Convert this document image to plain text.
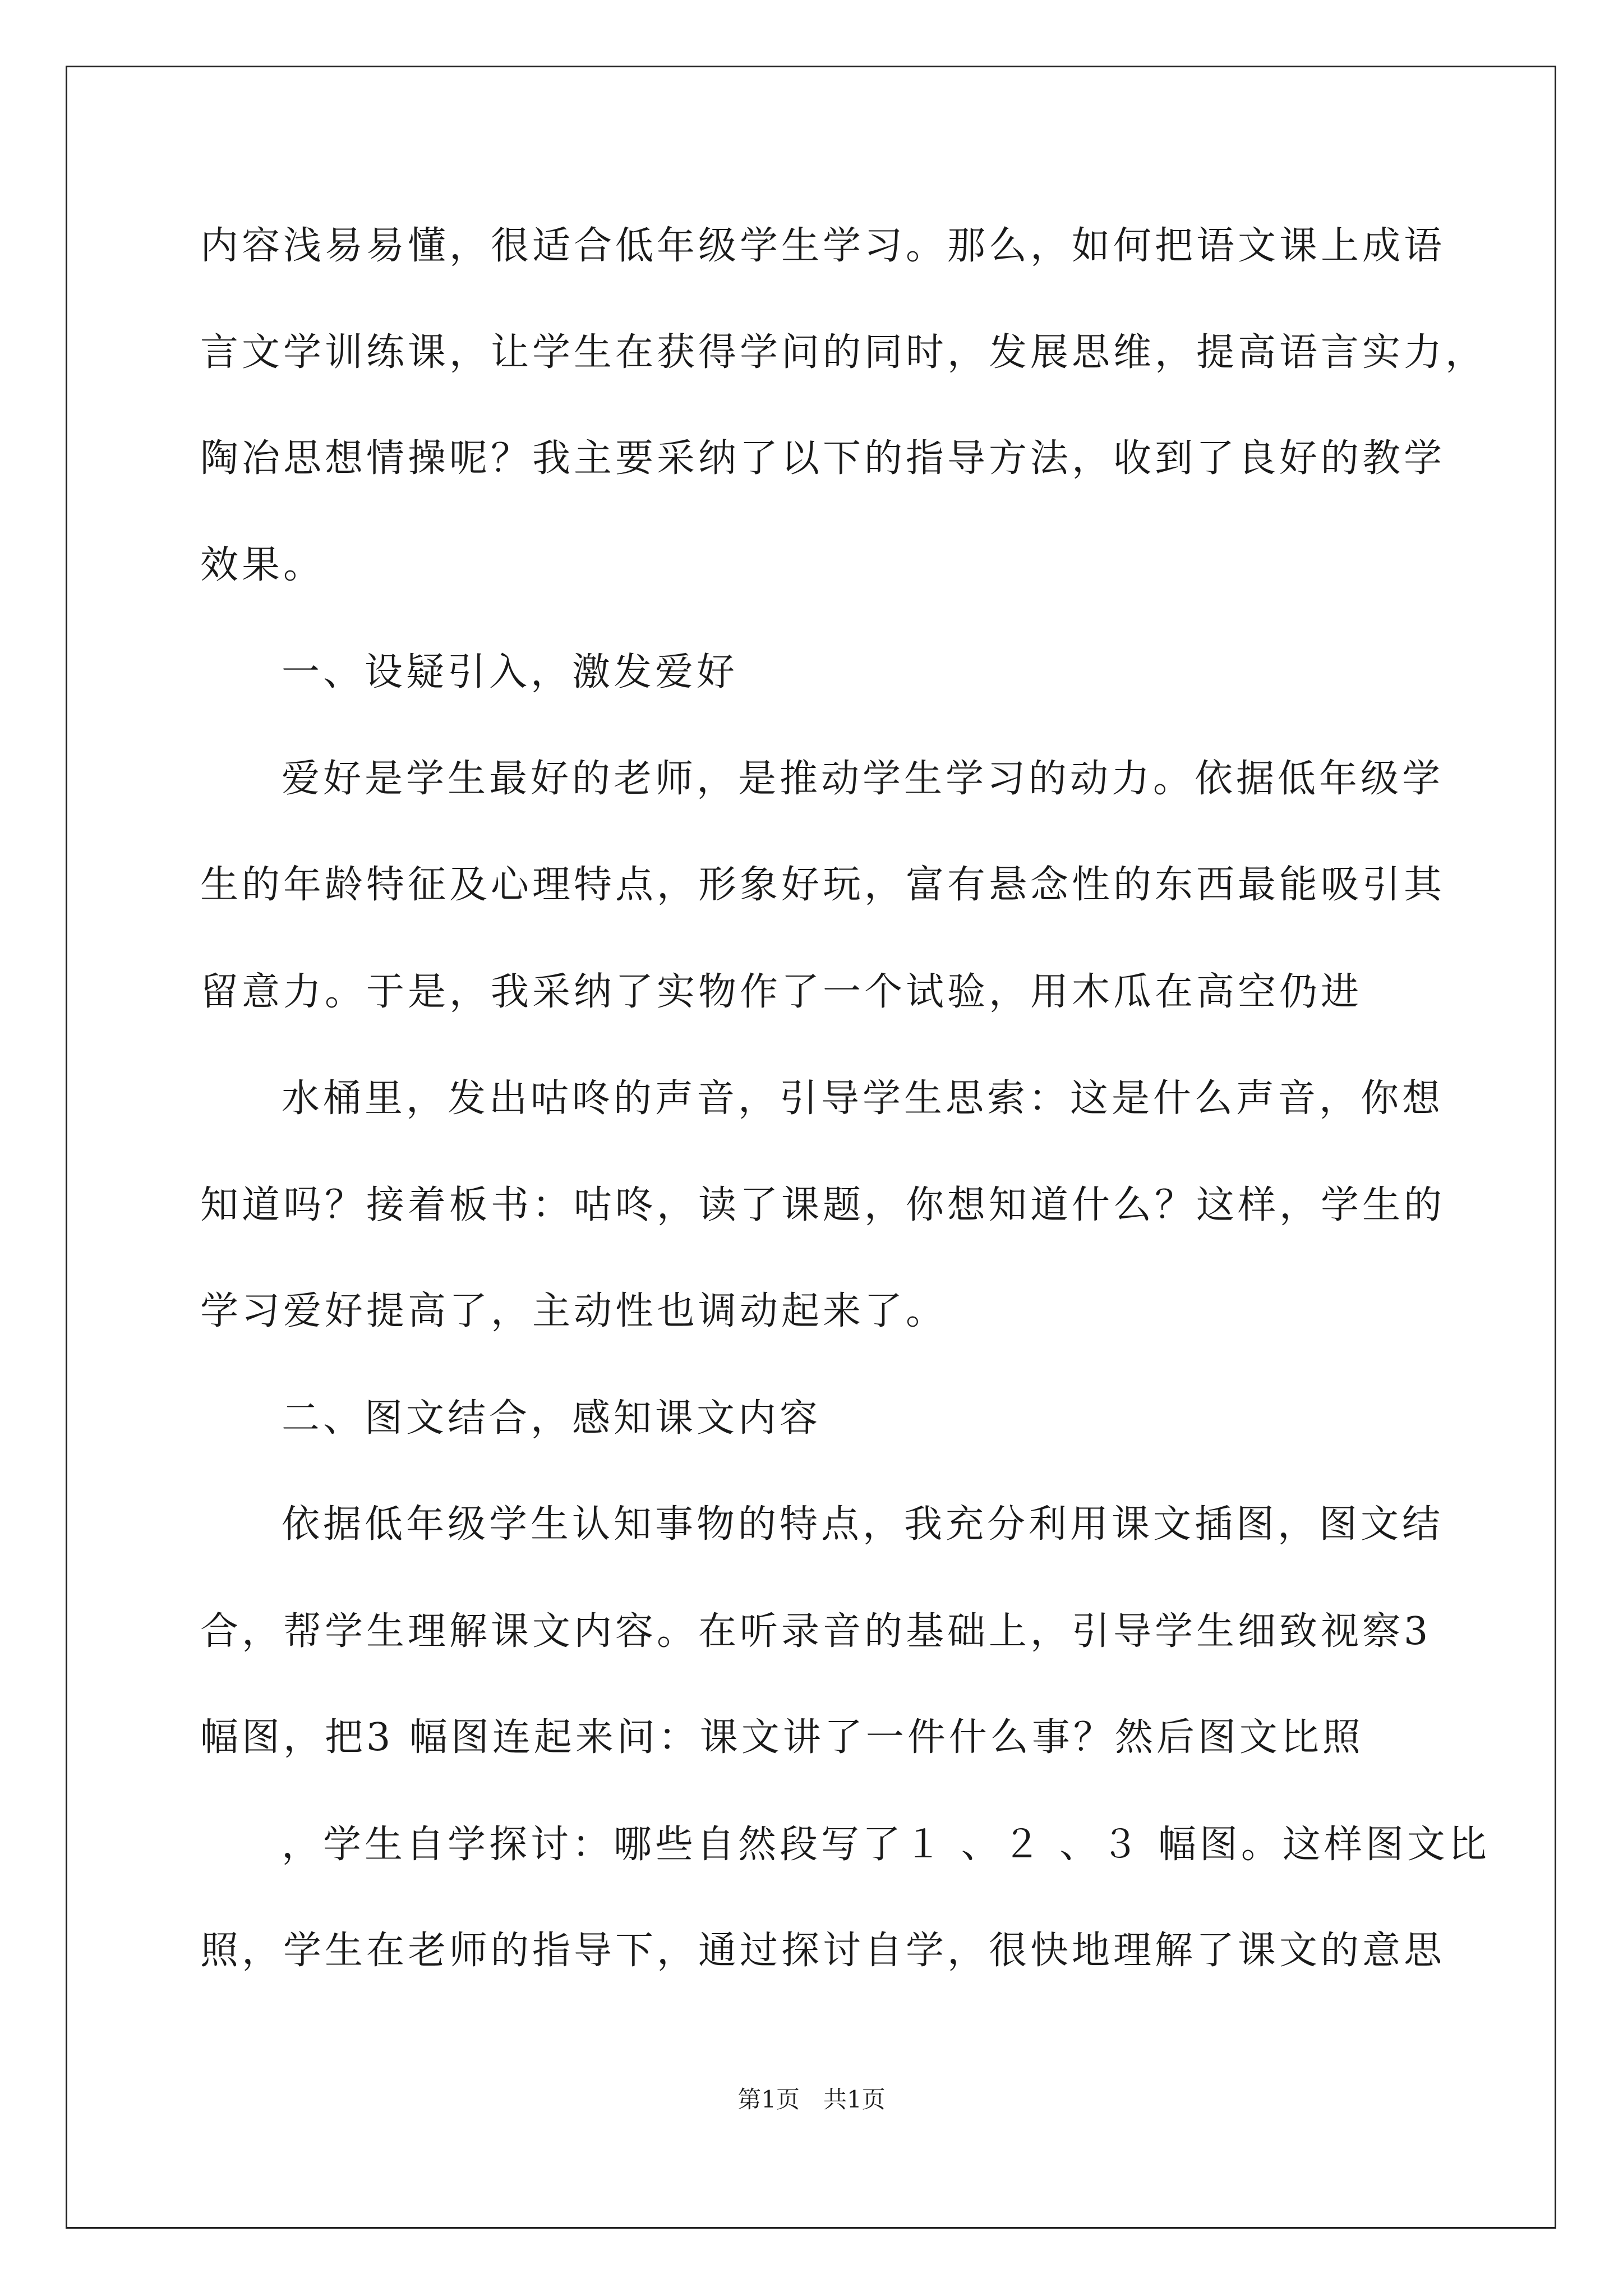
内容浅易易懂，很适合低年级学生学习。那么，如何把语文课上成语
言文学训练课，让学生在获得学问的同时，发展思维，提高语言实力，
陶冶思想情操呢？我主要采纳了以下的指导方法，收到了良好的教学
效果。
一、设疑引入，激发爱好
爱好是学生最好的老师，是推动学生学习的动力。依据低年级学
生的年龄特征及心理特点，形象好玩，富有悬念性的东西最能吸引其
留意力。于是，我采纳了实物作了一个试验，用木瓜在高空仍进
水桶里，发出咕咚的声音，引导学生思索：这是什么声音，你想
知道吗？接着板书：咕咚，读了课题，你想知道什么？这样，学生的
学习爱好提高了，主动性也调动起来了。
二、图文结合，感知课文内容
依据低年级学生认知事物的特点，我充分利用课文插图，图文结
合，帮学生理解课文内容。在听录音的基础上，引导学生细致视察3
幅图，把3 幅图连起来问：课文讲了一件什么事？然后图文比照
，学生自学探讨：哪些自然段写了１ 、２ 、３ 幅图。这样图文比
照，学生在老师的指导下，通过探讨自学，很快地理解了课文的意思
第1页　共1页
